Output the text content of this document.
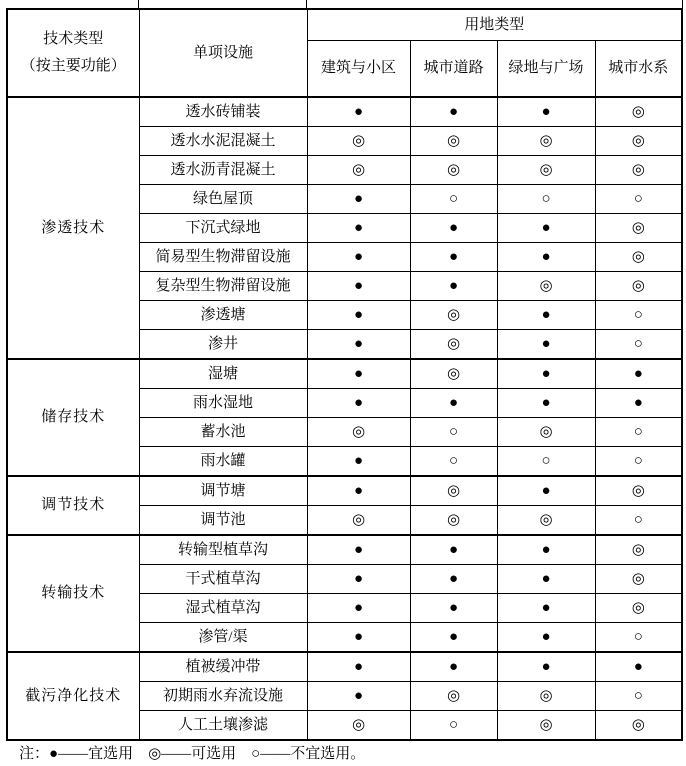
技术类型
（按主要功能）	单项设施	用地类型			
		建筑与小区	城市道路	绿地与广场	城市水系
渗透技术	透水砖铺装	●	●	●	◎
	透水水泥混凝土	◎	◎	◎	◎
	透水沥青混凝土	◎	◎	◎	◎
	绿色屋顶	●	○	○	○
	下沉式绿地	●	●	●	◎
	简易型生物滞留设施	●	●	●	◎
	复杂型生物滞留设施	●	●	◎	◎
	渗透塘	●	◎	●	○
	渗井	●	◎	●	○
储存技术	湿塘	●	◎	●	●
	雨水湿地	●	●	●	●
	蓄水池	◎	○	◎	○
	雨水罐	●	○	○	○
调节技术	调节塘	●	◎	●	◎
	调节池	◎	◎	◎	○
转输技术	转输型植草沟	●	●	●	◎
	干式植草沟	●	●	●	◎
	湿式植草沟	●	●	●	◎
	渗管/渠	●	●	●	○
截污净化技术	植被缓冲带	●	●	●	●
	初期雨水弃流设施	●	◎	◎	○
	人工土壤渗滤	◎	○	◎	◎
注：●——宜选用 ◎——可选用 ○——不宜选用。
